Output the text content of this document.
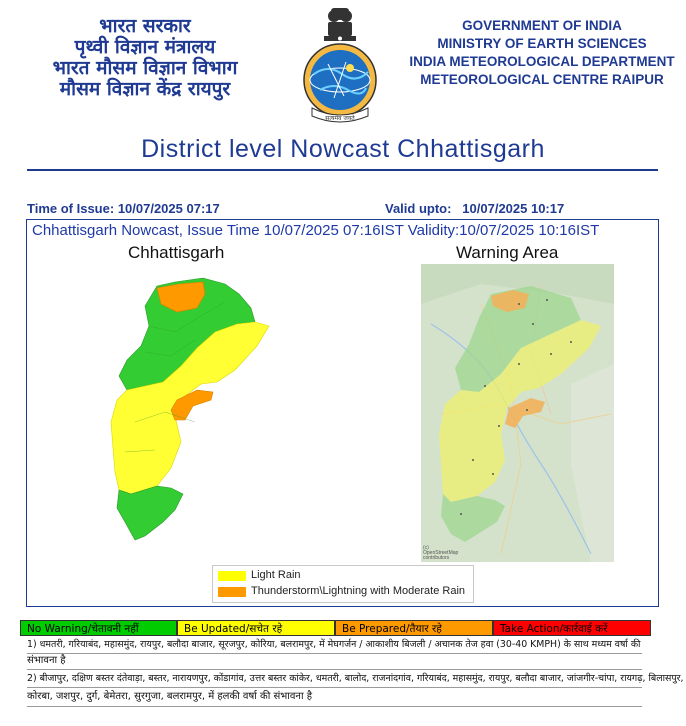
भारत सरकार
पृथ्वी विज्ञान मंत्रालय
भारत मौसम विज्ञान विभाग
मौसम विज्ञान केंद्र रायपुर
सत्यमेव जयते
GOVERNMENT OF INDIA
MINISTRY OF EARTH SCIENCES
INDIA METEOROLOGICAL DEPARTMENT
METEOROLOGICAL CENTRE RAIPUR
District level Nowcast Chhattisgarh
Time of Issue: 10/07/2025 07:17	Valid upto: 10/07/2025 10:17
Chhattisgarh Nowcast, Issue Time 10/07/2025 07:16IST Validity:10/07/2025 10:16IST
Chhattisgarh	Warning Area
(c)
OpenStreetMap
contributors
Light Rain
Thunderstorm\Lightning with Moderate Rain
No Warning/चेतावनी नहीं	Be Updated/सचेत रहे	Be Prepared/तैयार रहे	Take Action/कार्रवाई करें
1) धमतरी, गरियाबंद, महासमुंद, रायपुर, बलौदा बाजार, सूरजपुर, कोरिया, बलरामपुर, में मेघगर्जन / आकाशीय बिजली / अचानक तेज हवा (30-40 KMPH) के साथ मध्यम वर्षा की
संभावना है
2) बीजापुर, दक्षिण बस्तर दंतेवाड़ा, बस्तर, नारायणपुर, कोंडागांव, उत्तर बस्तर कांकेर, धमतरी, बालोद, राजनांदगांव, गरियाबंद, महासमुंद, रायपुर, बलौदा बाजार, जांजगीर-चांपा, रायगढ़, बिलासपुर,
कोरबा, जशपुर, दुर्ग, बेमेतरा, सुरगुजा, बलरामपुर, में हलकी वर्षा की संभावना है
